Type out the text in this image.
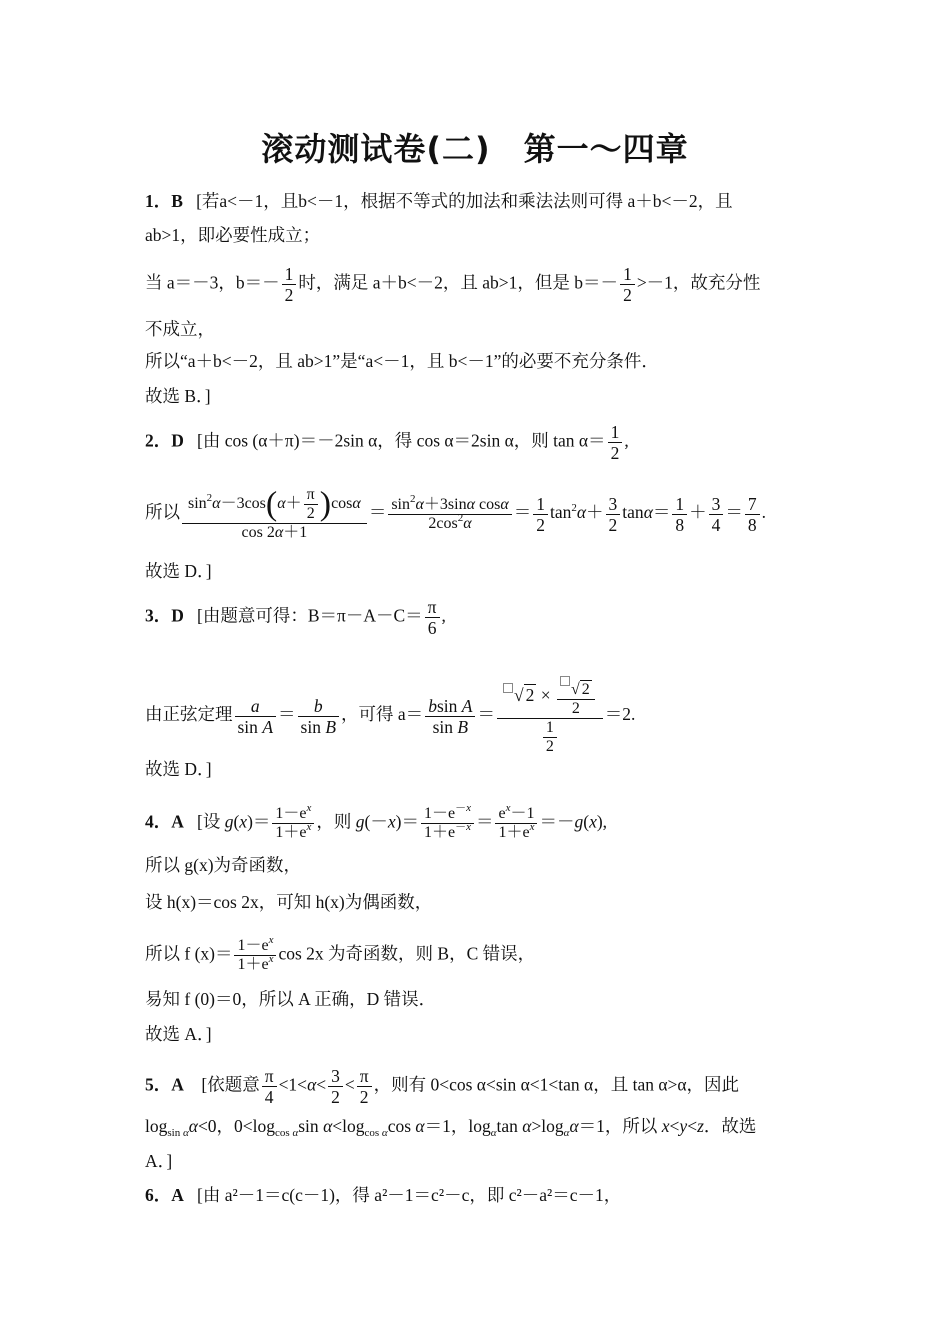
滚动测试卷(二)　第一～四章
1．B [若a<－1，且b<－1，根据不等式的加法和乘法法则可得 a＋b<－2，且
ab>1，即必要性成立；
当 a＝－3，$b=- \frac{1}{2}$ 时，满足 a＋b<－2，且 ab>1，但是 $b=- \frac{1}{2} >-1$，故充分性
不成立，
所以“a＋b<－2，且 ab>1”是“a<－1，且 b<－1”的必要不充分条件．
故选 B．]
2．D [由 cos (α＋π)＝－2sin α，得 cos α＝2sin α，则 $\tan \alpha= \frac{1}{2}$ ,
所以 $\frac{\sin^2\alpha-3\cos(\alpha+ \frac{\pi}{2} )\cos\alpha}{\cos 2\alpha+1} = \frac{\sin^2\alpha+3\sin\alpha \cos\alpha}{2\cos^2\alpha} = \frac{1}{2} \tan^2\alpha+ \frac{3}{2} \tan\alpha= \frac{1}{8} + \frac{3}{4} = \frac{7}{8}$ .
故选 D．]
3．D [由题意可得：$B=\pi-A-C= \frac{\pi}{6}$ ,
由正弦定理 $\frac{a}{\text{sin A}} = \frac{b}{\text{sin B}}$ ，可得 $a= \frac{\text{bsin A}}{\text{sin B}} = \frac{√ 2 \times \frac{√ 2}{2}}{\frac{1}{2}} =2$.
故选 D．]
4．A   [设 $g(x)= \frac{1-e^x}{1+e^x}$ ，则 $g(-x)= \frac{1-e^{-x}}{1+e^{-x}} = \frac{e^x-1}{1+e^x} =-g(x)$,
所以 g(x)为奇函数，
设 h(x)＝cos 2x，可知 h(x)为偶函数，
所以 f $(x)= \frac{1-e^x}{1+e^x}$ cos 2x 为奇函数，则 B，C 错误，
易知 f (0)＝0，所以 A 正确，D 错误．
故选 A．]
5．A    [依题意 $\frac{\pi}{4} <1<\alpha< \frac{3}{2} < \frac{\pi}{2}$ ，则有 0<cos α<sin α<1<tan α，且 tan α>α，因此
$\log_{sin \alpha}\alpha<0$，$0<\log_{cos \alpha}\sin$ $\alpha<\log_{cos \alpha}\cos$ α＝1，$\log_\alpha\tan$ $\alpha>\log_\alpha\alpha=1$，所以 x<y<z．故选
A．]
6．A [由 a²－1＝c(c－1)，得 a²－1＝c²－c，即 c²－a²＝c－1，
